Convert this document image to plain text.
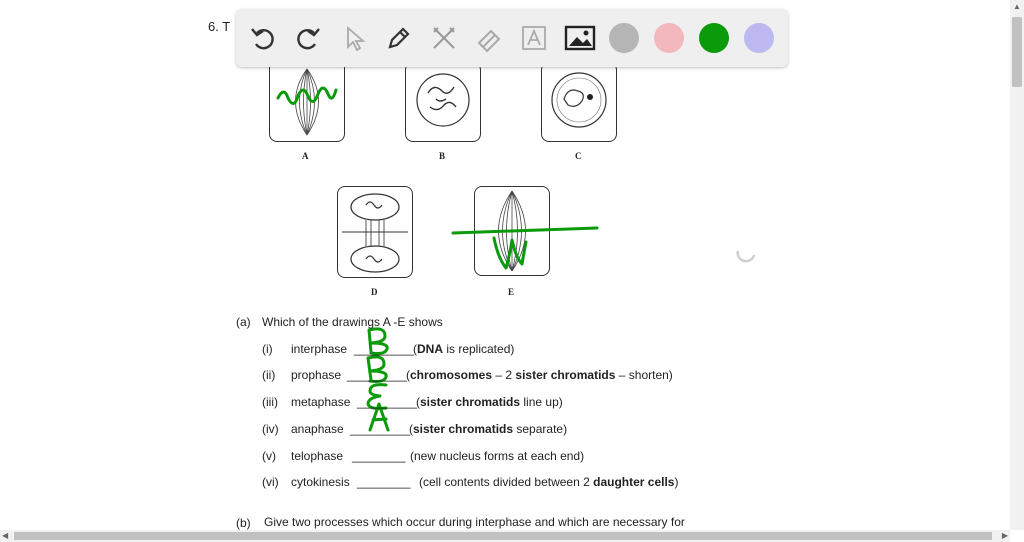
6. T
A	B	C
D	E
(a) Which of the drawings A -E shows
(i) interphase _________
(DNA is replicated)
(ii) prophase _________
(chromosomes – 2 sister chromatids – shorten)
(iii) metaphase _________
(sister chromatids line up)
(iv) anaphase _________
(sister chromatids separate)
(v) telophase ________ (new nucleus forms at each end)
(vi) cytokinesis ________ (cell contents divided between 2 daughter cells)
(b) Give two processes which occur during interphase and which are necessary for
▲
◀	▶
